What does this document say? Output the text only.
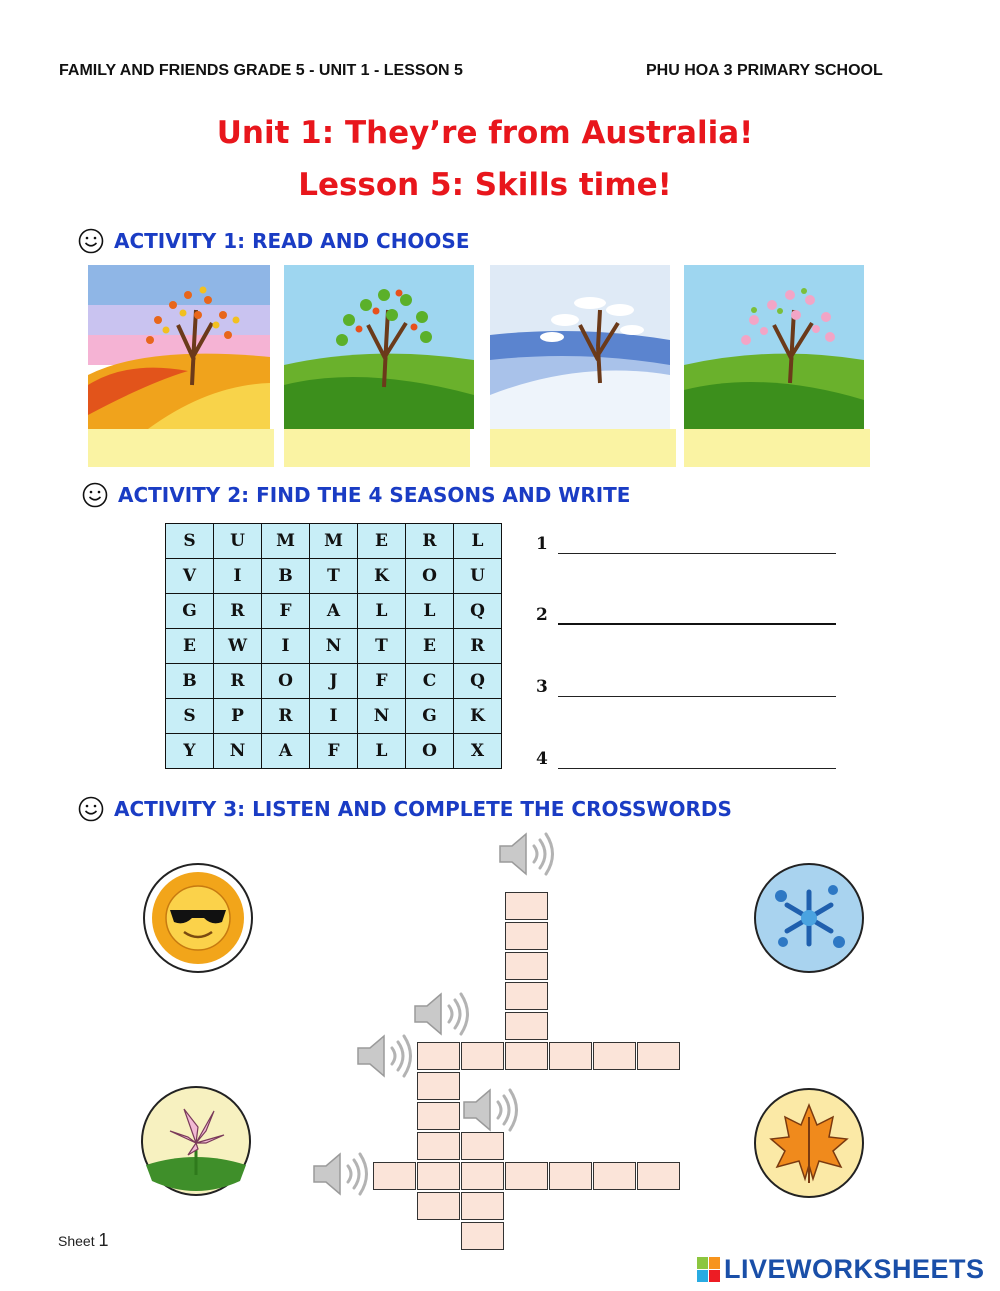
FAMILY AND FRIENDS GRADE 5 - UNIT 1 - LESSON 5	PHU HOA 3 PRIMARY SCHOOL
Unit 1: They’re from Australia!
Lesson 5: Skills time!
ACTIVITY 1: READ AND CHOOSE
ACTIVITY 2: FIND THE 4 SEASONS AND WRITE
S	U	M	M	E	R	L
V	I	B	T	K	O	U
G	R	F	A	L	L	Q
E	W	I	N	T	E	R
B	R	O	J	F	C	Q
S	P	R	I	N	G	K
Y	N	A	F	L	O	X
1
2
3
4
ACTIVITY 3: LISTEN AND COMPLETE THE CROSSWORDS
Sheet 1
LIVEWORKSHEETS
